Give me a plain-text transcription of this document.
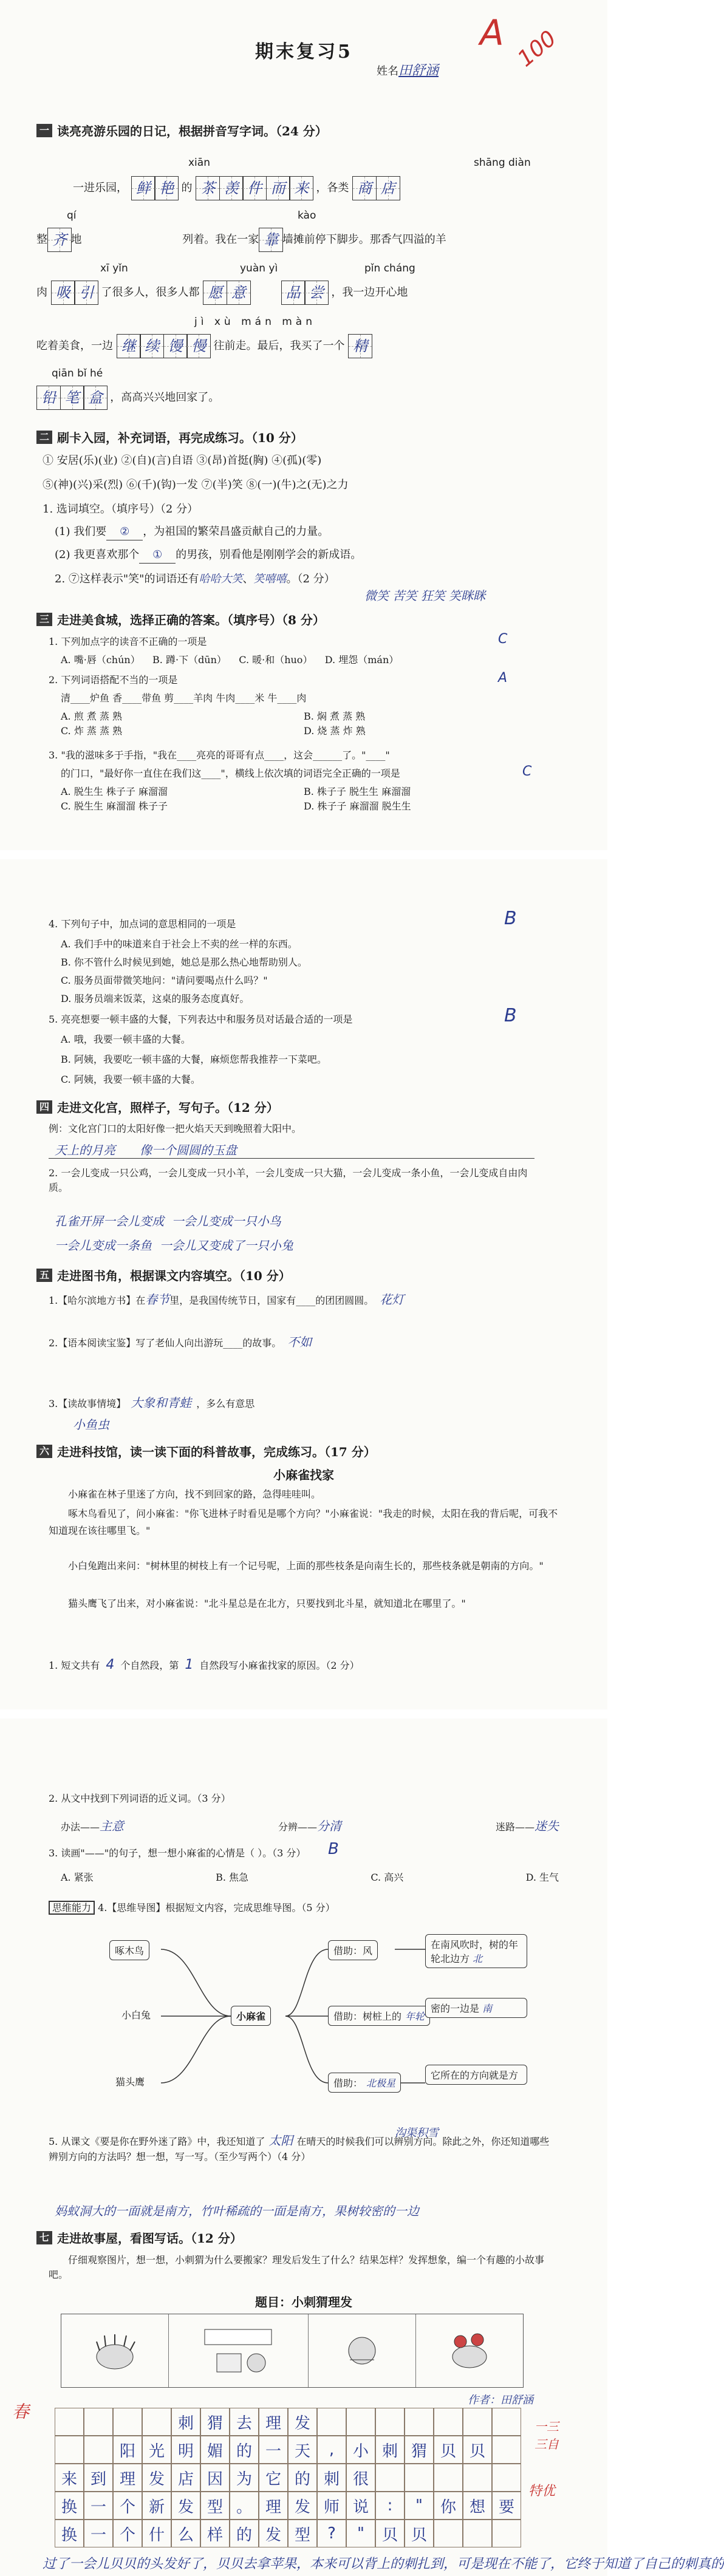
期末复习5
姓名田舒涵
A 100
一 读亮亮游乐园的日记，根据拼音写字词。（24 分）
xiān	shāng diàn
一进乐园， 鲜 艳 的 茶 羡 件 而 来 ，各类 商 店
qí	kào
整 齐 地	列着。我在一家 靠 墙摊前停下脚步。那香气四溢的羊
xī yǐn	yuàn yì	pǐn cháng
肉 吸 引 了很多人，很多人都 愿 意	品 尝 ，我一边开心地
jì xù mán màn
吃着美食，一边 继 续 馒 慢 往前走。最后，我买了一个 精
qiān bǐ hé
铅 笔 盒 ，高高兴兴地回家了。
二 刷卡入园，补充词语，再完成练习。（10 分）
① 安居(乐)(业) ②(自)(言)自语 ③(昂)首挺(胸) ④(孤)(零)
⑤(神)(兴)采(烈) ⑥(千)(钩)一发 ⑦(半)笑 ⑧(一)(牛)之(无)之力
1. 选词填空。（填序号）（2 分）
(1) 我们要 ② ，为祖国的繁荣昌盛贡献自己的力量。
(2) 我更喜欢那个 ① 的男孩，别看他是刚刚学会的新成语。
2. ⑦这样表示"笑"的词语还有哈哈大笑、笑嘻嘻。（2 分）
微笑 苦笑 狂笑 笑眯眯
三 走进美食城，选择正确的答案。（填序号）（8 分）
1. 下列加点字的读音不正确的一项是	C
A. 嘴·唇（chún） B. 蹲·下（dūn） C. 暖·和（huo） D. 埋怨（mán）
2. 下列词语搭配不当的一项是	A
清____炉鱼 香____带鱼 剪____羊肉 牛肉____米 牛____肉
A. 煎 煮 蒸 熟	B. 焖 煮 蒸 熟
C. 炸 蒸 蒸 熟	D. 烧 蒸 炸 熟
3. "我的滋味多于手指，"我在____亮亮的哥哥有点____，这会______了。"____"
的门口，"最好你一直住在我们这____"，横线上依次填的词语完全正确的一项是	C
A. 脱生生 株子子 麻溜溜	B. 株子子 脱生生 麻溜溜
C. 脱生生 麻溜溜 株子子	D. 株子子 麻溜溜 脱生生
4. 下列句子中，加点词的意思相同的一项是	B
A. 我们手中的味道来自于社会上不卖的丝一样的东西。
B. 你不管什么时候见到她，她总是那么热心地帮助别人。
C. 服务员面带微笑地问："请问要喝点什么吗？"
D. 服务员端来饭菜，这桌的服务态度真好。
5. 亮亮想要一顿丰盛的大餐，下列表达中和服务员对话最合适的一项是	B
A. 哦，我要一顿丰盛的大餐。
B. 阿姨，我要吃一顿丰盛的大餐，麻烦您帮我推荐一下菜吧。
C. 阿姨，我要一顿丰盛的大餐。
四 走进文化宫，照样子，写句子。（12 分）
例：文化宫门口的太阳好像一把火焰天天到晚照着大阳中。
天上的月亮 像一个圆圆的玉盘
2. 一会儿变成一只公鸡，一会儿变成一只小羊，一会儿变成一只大猫，一会儿变成一条小鱼，一会儿变成自由肉质。
孔雀开屏一会儿变成 一会儿变成一只小鸟
一会儿变成一条鱼 一会儿又变成了一只小兔
五 走进图书角，根据课文内容填空。（10 分）
1.【哈尔滨地方书】在春节里，是我国传统节日，国家有____的团团圆圆。 花灯
2.【语本阅读宝鉴】写了老仙人向出游玩____的故事。 不如
3.【读故事情境】 大象和青蛙 ，多么有意思
小鱼虫
六 走进科技馆，读一读下面的科普故事，完成练习。（17 分）
小麻雀找家
小麻雀在林子里迷了方向，找不到回家的路，急得哇哇叫。
啄木鸟看见了，问小麻雀："你飞进林子时看见是哪个方向？"小麻雀说："我走的时候，太阳在我的背后呢，可我不知道现在该往哪里飞。"
小白兔跑出来问："树林里的树枝上有一个记号呢，上面的那些枝条是向南生长的，那些枝条就是朝南的方向。"
猫头鹰飞了出来，对小麻雀说："北斗星总是在北方，只要找到北斗星，就知道北在哪里了。"
1. 短文共有 4 个自然段，第 1 自然段写小麻雀找家的原因。（2 分）
2. 从文中找到下列词语的近义词。（3 分）
办法——主意	分辨——分清	迷路——迷失
3. 读画"——"的句子，想一想小麻雀的心情是（ ）。（3 分） B
A. 紧张	B. 焦急	C. 高兴	D. 生气
思维能力 4.【思维导图】根据短文内容，完成思维导图。（5 分）
啄木鸟
小白兔
猫头鹰
小麻雀
借助：风
借助：树桩上的 年轮
借助： 北极星
在南风吹时，树的年轮北边方 北
密的一边是 南
它所在的方向就是方
5. 从课文《要是你在野外迷了路》中，我还知道了 太阳 在晴天的时候我们可以辨别方向。除此之外，你还知道哪些辨别方向的方法吗？想一想，写一写。（至少写两个）（4 分）
沟渠积雪
妈蚁洞大的一面就是南方，竹叶稀疏的一面是南方，果树较密的一边
七 走进故事屋，看图写话。（12 分）
仔细观察图片，想一想，小刺猬为什么要搬家？理发后发生了什么？结果怎样？发挥想象，编一个有趣的小故事吧。
题目：小刺猬理发
作者：田舒涵
春
刺 猬 去 理 发
阳 光 明 媚 的 一 天	,	小 刺 猬 贝 贝
来 到 理 发 店 因 为 它 的 刺 很
换 一 个 新 发 型 。 理 发 师 说	:	"	你 想 要
换 一 个 什 么 样 的 发 型	?	"	贝 贝
过了一会儿贝贝的头发好了，贝贝去拿苹果，本来可以背上的刺扎到，可是现在不能了，它终于知道了自己的刺真的
一三
三自
特优
